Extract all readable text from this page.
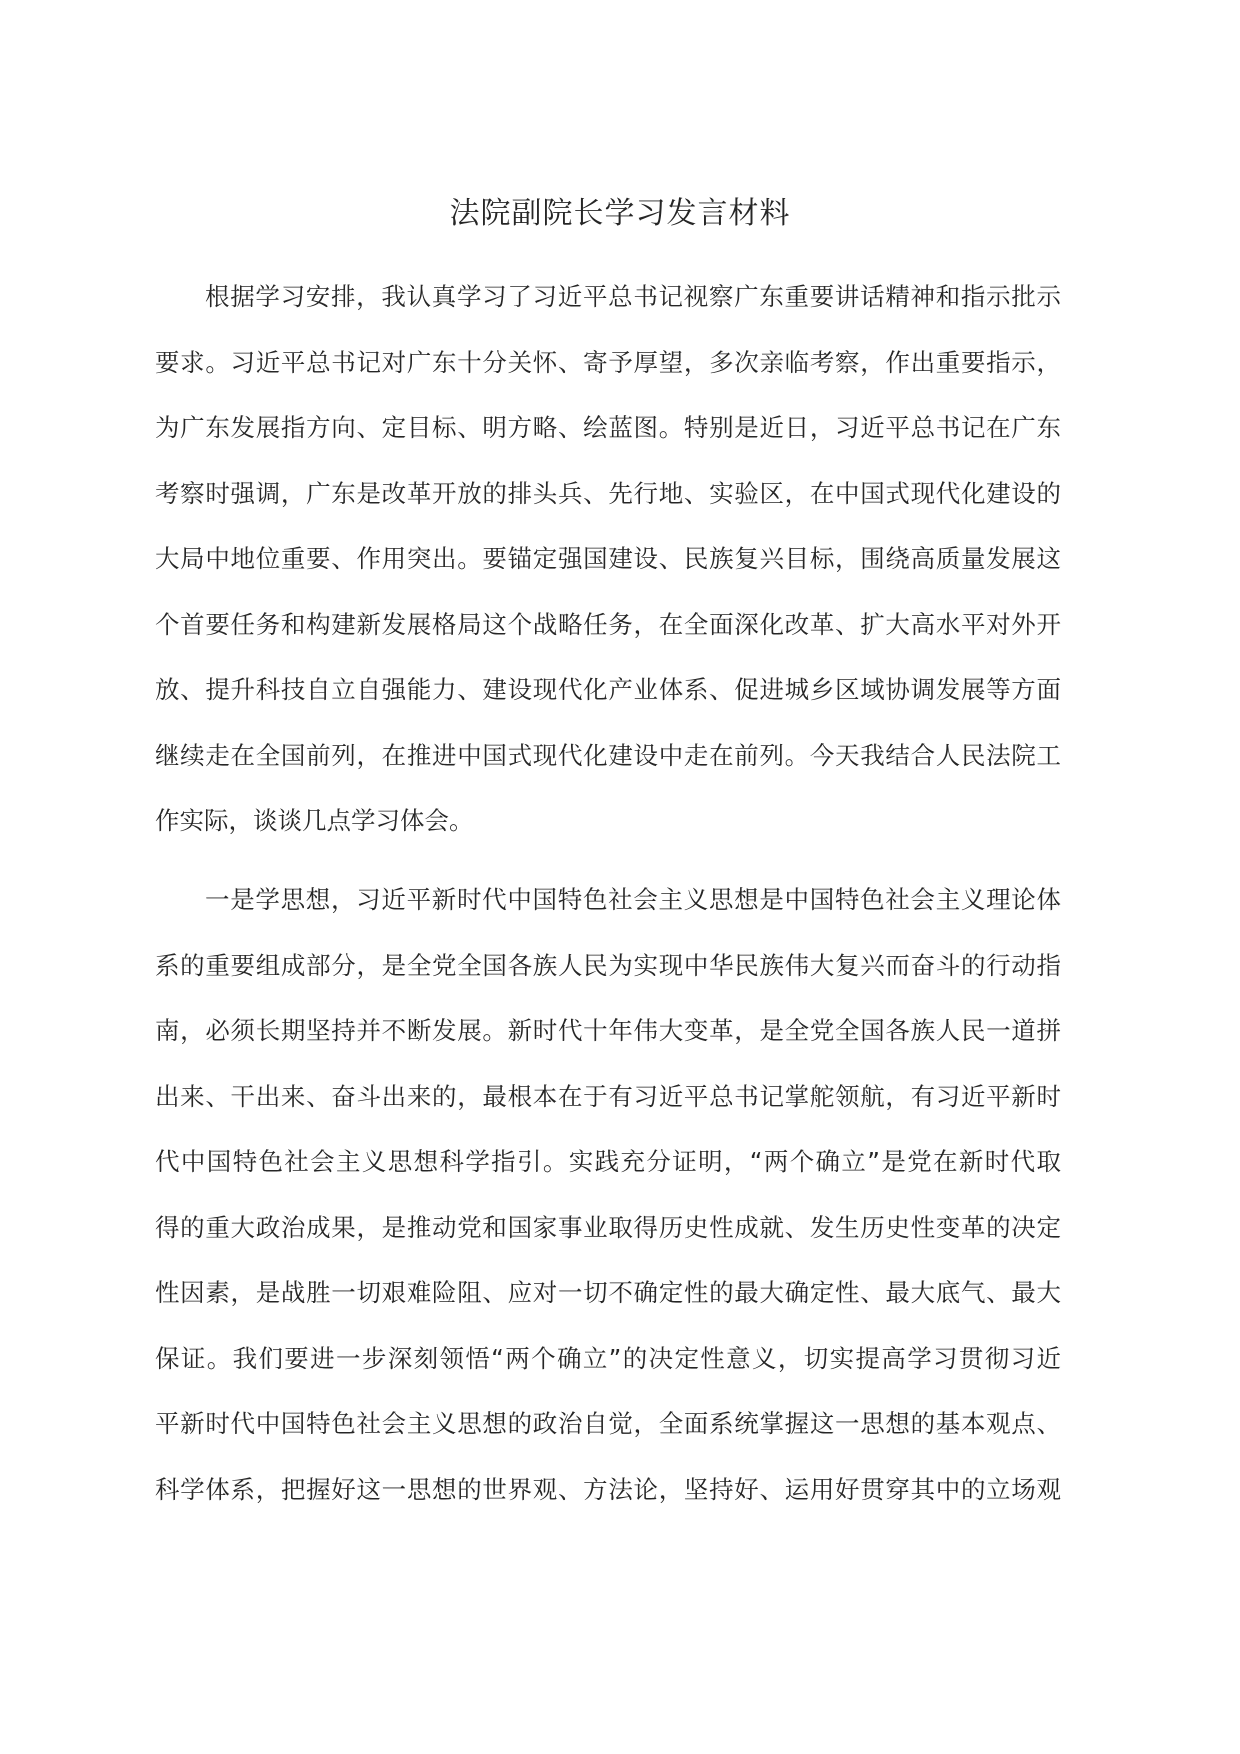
法院副院长学习发言材料
根据学习安排，我认真学习了习近平总书记视察广东重要讲话精神和指示批示
要求。习近平总书记对广东十分关怀、寄予厚望，多次亲临考察，作出重要指示，
为广东发展指方向、定目标、明方略、绘蓝图。特别是近日，习近平总书记在广东
考察时强调，广东是改革开放的排头兵、先行地、实验区，在中国式现代化建设的
大局中地位重要、作用突出。要锚定强国建设、民族复兴目标，围绕高质量发展这
个首要任务和构建新发展格局这个战略任务，在全面深化改革、扩大高水平对外开
放、提升科技自立自强能力、建设现代化产业体系、促进城乡区域协调发展等方面
继续走在全国前列，在推进中国式现代化建设中走在前列。今天我结合人民法院工
作实际，谈谈几点学习体会。
一是学思想，习近平新时代中国特色社会主义思想是中国特色社会主义理论体
系的重要组成部分，是全党全国各族人民为实现中华民族伟大复兴而奋斗的行动指
南，必须长期坚持并不断发展。新时代十年伟大变革，是全党全国各族人民一道拼
出来、干出来、奋斗出来的，最根本在于有习近平总书记掌舵领航，有习近平新时
代中国特色社会主义思想科学指引。实践充分证明，“两个确立”是党在新时代取
得的重大政治成果，是推动党和国家事业取得历史性成就、发生历史性变革的决定
性因素，是战胜一切艰难险阻、应对一切不确定性的最大确定性、最大底气、最大
保证。我们要进一步深刻领悟“两个确立”的决定性意义，切实提高学习贯彻习近
平新时代中国特色社会主义思想的政治自觉，全面系统掌握这一思想的基本观点、
科学体系，把握好这一思想的世界观、方法论，坚持好、运用好贯穿其中的立场观
